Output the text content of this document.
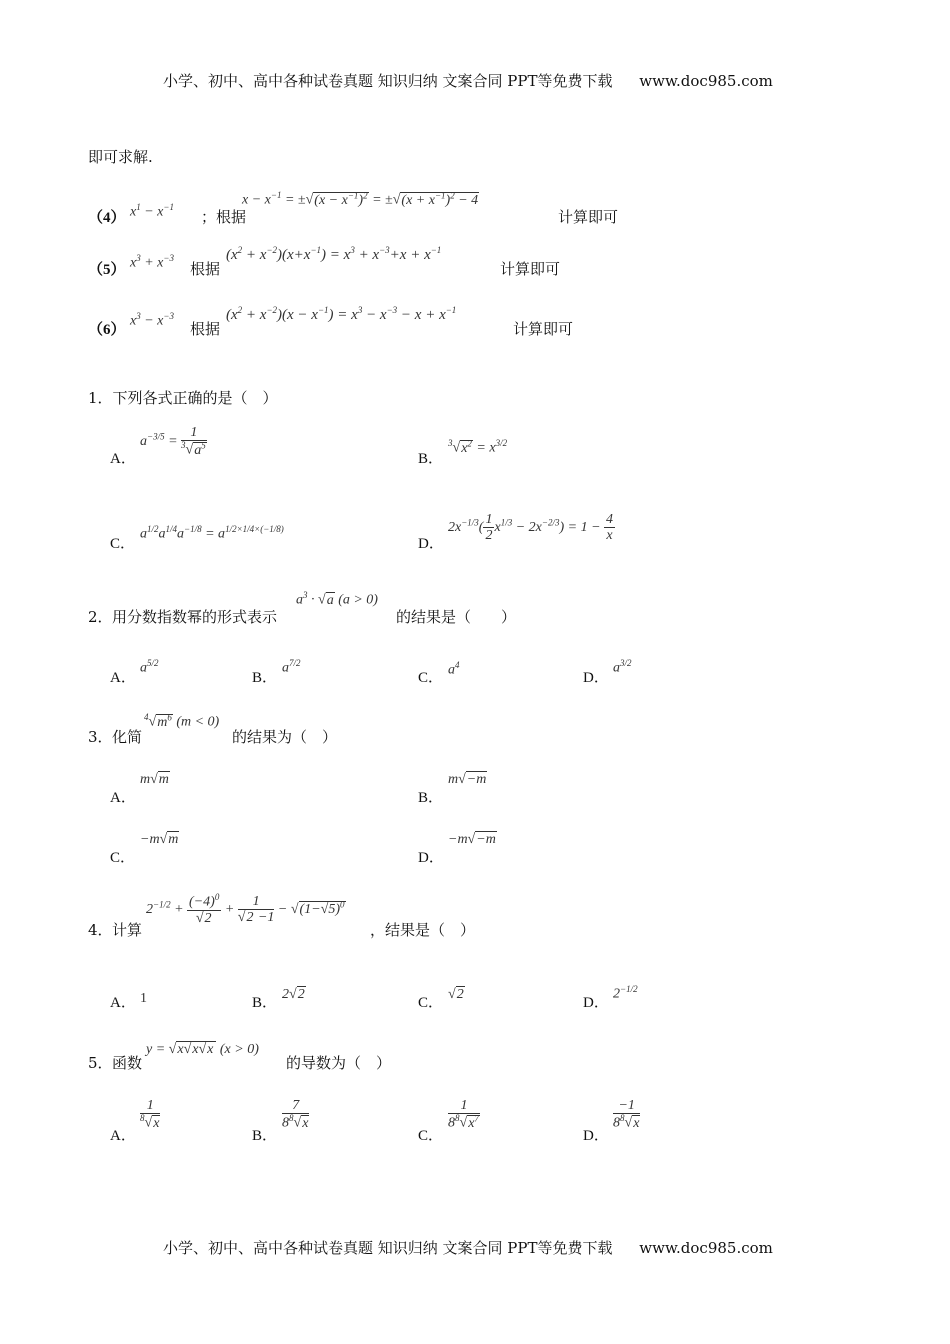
小学、初中、高中各种试卷真题 知识归纳 文案合同 PPT等免费下载 www.doc985.com
即可求解.
（4） $x^1 - x^{-1}$
；根据
$x - x^{-1} = \pm√(x - x^{-1})^2 = \pm√(x + x^{-1})^2 - 4$
计算即可
（5） $x^3 + x^{-3}$
根据
$(x^2 + x^{-2})(x+x^{-1}) = x^3 + x^{-3}+x + x^{-1}$
计算即可
（6）
$x^3 - x^{-3}$
根据
$(x^2 + x^{-2})(x - x^{-1}) = x^3 - x^{-3} - x + x^{-1}$
计算即可
1．下列各式正确的是（　）
A．
$a^{-3/5} = \frac{1}{^3√a^5}$
B．
$^3√x^2 = x^{3/2}$
C．
$a^{1/2}a^{1/4}a^{-1/8} = a^{1/2\times 1/4\times(-1/8)}$
D．
$2x^{-1/3}( \frac{1}{2} x^{1/3} - 2x^{-2/3}) = 1 - \frac{4}{x}$
2． 用分数指数幂的形式表示
$a^3 \cdot √a$ (a > 0)
的结果是（　　）
A．
$a^{5/2}$
B．
$a^{7/2}$
C． $a^4$
D．
$a^{3/2}$
3． 化简
$^4√m^6$ (m < 0)
的结果为（　）
A．
m√m
B．
m√−m
C．
−m√m
D．
−m√−m
4． 计算
$2^{-1/2} + \frac{(-4)^0}{√2} + \frac{1}{√2 -1} - √(1-√5)^0$
，结果是（　）
A． 1	B．
2√2
C．
√2
D．
$2^{-1/2}$
5． 函数
y = √x√x√x (x > 0)
的导数为（　）
A．
$\frac{1}{^8√x}$
B．
$\frac{7}{8^8√x}$
C．
$\frac{1}{8^8√x^7}$
D．
$\frac{-1}{8^8√x}$
小学、初中、高中各种试卷真题 知识归纳 文案合同 PPT等免费下载 www.doc985.com
